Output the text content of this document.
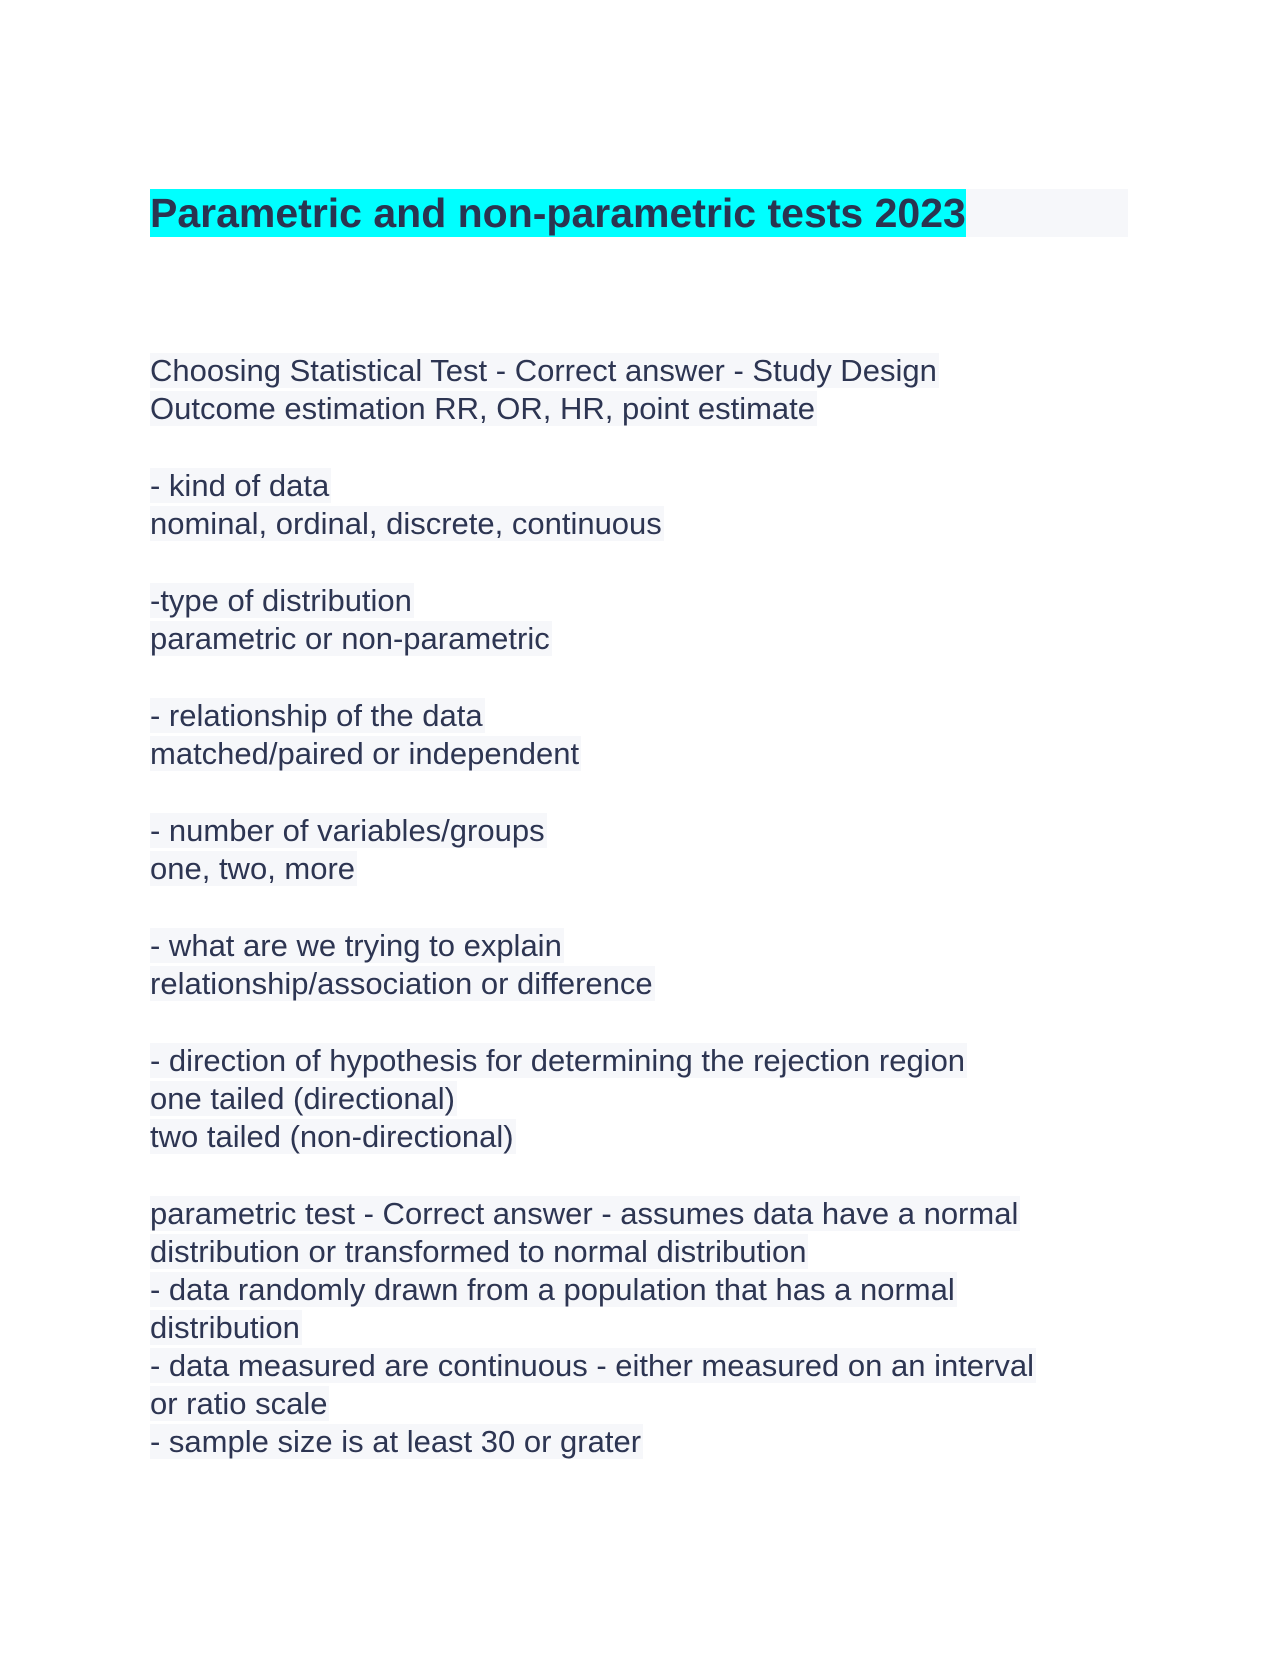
Parametric and non-parametric tests 2023
Choosing Statistical Test - Correct answer - Study Design
Outcome estimation RR, OR, HR, point estimate
- kind of data
nominal, ordinal, discrete, continuous
-type of distribution
parametric or non-parametric
- relationship of the data
matched/paired or independent
- number of variables/groups
one, two, more
- what are we trying to explain
relationship/association or difference
- direction of hypothesis for determining the rejection region
one tailed (directional)
two tailed (non-directional)
parametric test - Correct answer - assumes data have a normal
distribution or transformed to normal distribution
- data randomly drawn from a population that has a normal
distribution
- data measured are continuous - either measured on an interval
or ratio scale
- sample size is at least 30 or grater
